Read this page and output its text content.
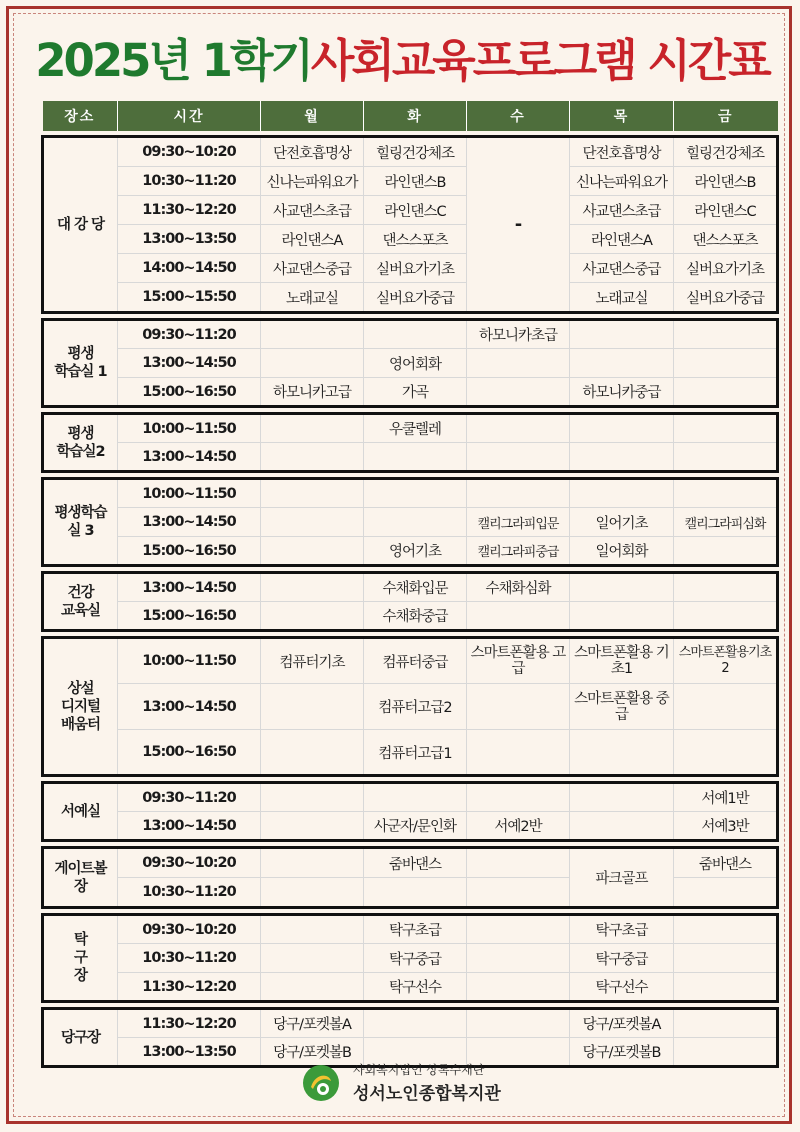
2025년 1학기사회교육프로그램 시간표
장소	시간	월	화	수	목	금

대 강 당	09:30~10:20	단전호흡명상	힐링건강체조	-	단전호흡명상	힐링건강체조
	10:30~11:20	신나는파워요가	라인댄스B		신나는파워요가	라인댄스B
	11:30~12:20	사교댄스초급	라인댄스C		사교댄스초급	라인댄스C
	13:00~13:50	라인댄스A	댄스스포츠		라인댄스A	댄스스포츠
	14:00~14:50	사교댄스중급	실버요가기초		사교댄스중급	실버요가기초
	15:00~15:50	노래교실	실버요가중급		노래교실	실버요가중급

평생
학습실 1	09:30~11:20			하모니카초급		
	13:00~14:50		영어회화			
	15:00~16:50	하모니카고급	가곡		하모니카중급	

평생
학습실2	10:00~11:50		우쿨렐레			
	13:00~14:50					

평생학습
실 3	10:00~11:50					
	13:00~14:50			캘리그라피입문	일어기초	캘리그라피심화
	15:00~16:50		영어기초	캘리그라피중급	일어회화	

건강
교육실	13:00~14:50		수채화입문	수채화심화		
	15:00~16:50		수채화중급			

상설
디지털
배움터	10:00~11:50	컴퓨터기초	컴퓨터중급	스마트폰활용 고급	스마트폰활용 기초1	스마트폰활용기초 2
	13:00~14:50		컴퓨터고급2		스마트폰활용 중급	
	15:00~16:50		컴퓨터고급1			

서예실	09:30~11:20					서예1반
	13:00~14:50		사군자/문인화	서예2반		서예3반

게이트볼
장	09:30~10:20		줌바댄스		파크골프	줌바댄스
	10:30~11:20					

탁
구
장	09:30~10:20		탁구초급		탁구초급	
	10:30~11:20		탁구중급		탁구중급	
	11:30~12:20		탁구선수		탁구선수	

당구장	11:30~12:20	당구/포켓볼A			당구/포켓볼A	
	13:00~13:50	당구/포켓볼B			당구/포켓볼B	
사회복지법인 상록수재단
성서노인종합복지관
